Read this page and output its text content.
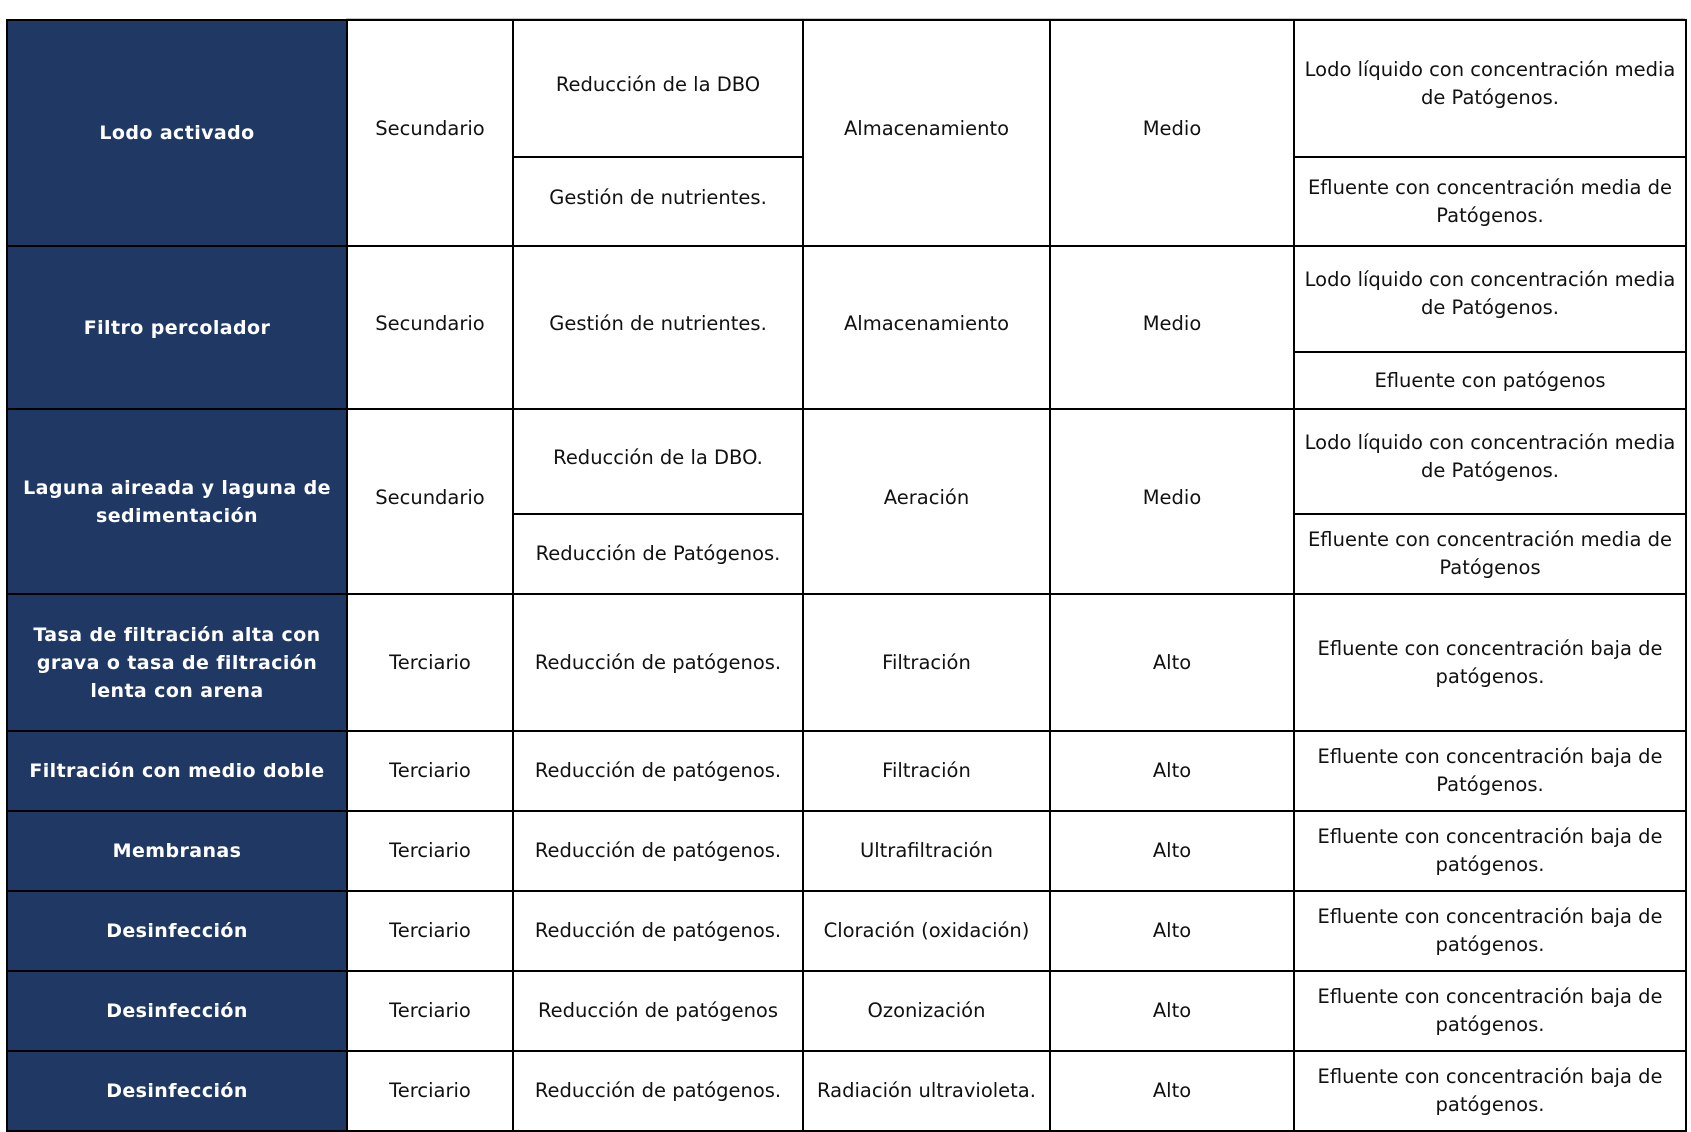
Lodo activado	Secundario	Reducción de la DBO	Almacenamiento	Medio	Lodo líquido con concentración media de Patógenos.
		Gestión de nutrientes.			Efluente con concentración media de Patógenos.
Filtro percolador	Secundario	Gestión de nutrientes.	Almacenamiento	Medio	Lodo líquido con concentración media de Patógenos.
					Efluente con patógenos
Laguna aireada y laguna de sedimentación	Secundario	Reducción de la DBO.	Aeración	Medio	Lodo líquido con concentración media de Patógenos.
		Reducción de Patógenos.			Efluente con concentración media de Patógenos
Tasa de filtración alta con grava o tasa de filtración lenta con arena	Terciario	Reducción de patógenos.	Filtración	Alto	Efluente con concentración baja de patógenos.
Filtración con medio doble	Terciario	Reducción de patógenos.	Filtración	Alto	Efluente con concentración baja de Patógenos.
Membranas	Terciario	Reducción de patógenos.	Ultrafiltración	Alto	Efluente con concentración baja de patógenos.
Desinfección	Terciario	Reducción de patógenos.	Cloración (oxidación)	Alto	Efluente con concentración baja de patógenos.
Desinfección	Terciario	Reducción de patógenos	Ozonización	Alto	Efluente con concentración baja de patógenos.
Desinfección	Terciario	Reducción de patógenos.	Radiación ultravioleta.	Alto	Efluente con concentración baja de patógenos.
